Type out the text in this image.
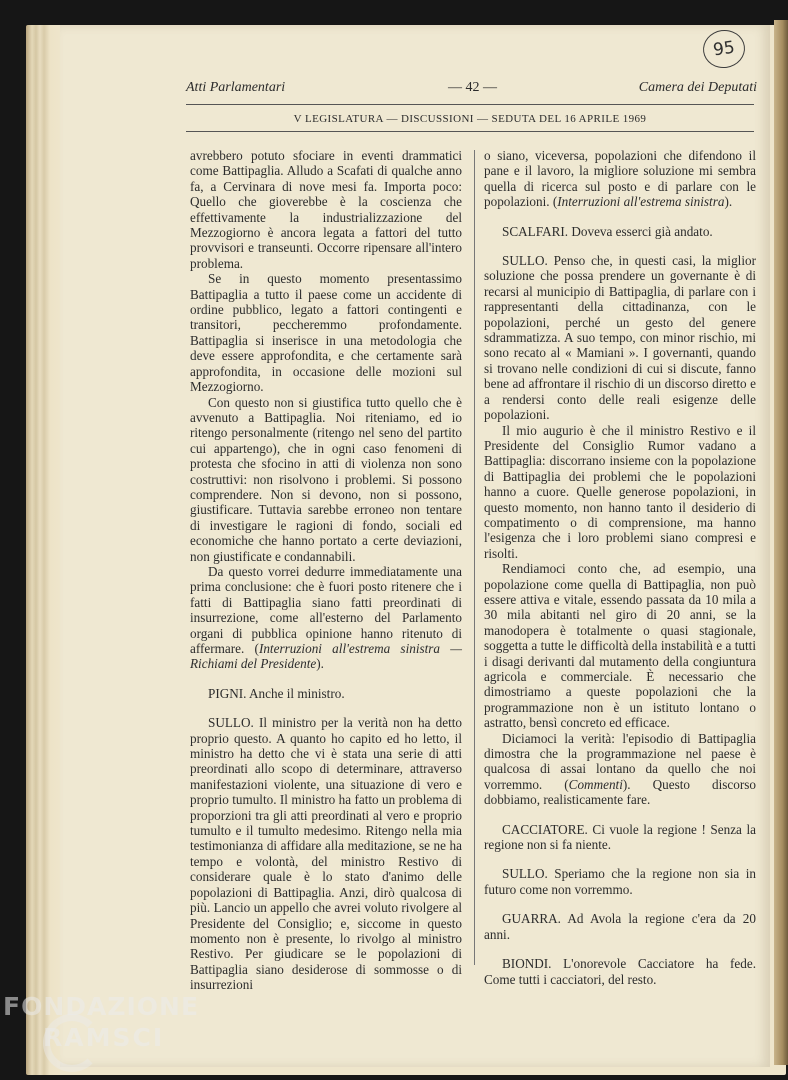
95
Atti Parlamentari	— 42 —	Camera dei Deputati
V LEGISLATURA — DISCUSSIONI — SEDUTA DEL 16 APRILE 1969

avrebbero potuto sfociare in eventi drammatici come Battipaglia. Alludo a Scafati di qualche anno fa, a Cervinara di nove mesi fa. Importa poco: Quello che gioverebbe è la coscienza che effettivamente la industrializzazione del Mezzogiorno è ancora legata a fattori del tutto provvisori e transeunti. Occorre ripensare all'intero problema.

Se in questo momento presentassimo Battipaglia a tutto il paese come un accidente di ordine pubblico, legato a fattori contingenti e transitori, peccheremmo profondamente. Battipaglia si inserisce in una metodologia che deve essere approfondita, e che certamente sarà approfondita, in occasione delle mozioni sul Mezzogiorno.

Con questo non si giustifica tutto quello che è avvenuto a Battipaglia. Noi riteniamo, ed io ritengo personalmente (ritengo nel seno del partito cui appartengo), che in ogni caso fenomeni di protesta che sfocino in atti di violenza non sono costruttivi: non risolvono i problemi. Si possono comprendere. Non si devono, non si possono, giustificare. Tuttavia sarebbe erroneo non tentare di investigare le ragioni di fondo, sociali ed economiche che hanno portato a certe deviazioni, non giustificate e condannabili.

Da questo vorrei dedurre immediatamente una prima conclusione: che è fuori posto ritenere che i fatti di Battipaglia siano fatti preordinati di insurrezione, come all'esterno del Parlamento organi di pubblica opinione hanno ritenuto di affermare. (Interruzioni all'estrema sinistra — Richiami del Presidente).

PIGNI. Anche il ministro.

SULLO. Il ministro per la verità non ha detto proprio questo. A quanto ho capito ed ho letto, il ministro ha detto che vi è stata una serie di atti preordinati allo scopo di determinare, attraverso manifestazioni violente, una situazione di vero e proprio tumulto. Il ministro ha fatto un problema di proporzioni tra gli atti preordinati al vero e proprio tumulto e il tumulto medesimo. Ritengo nella mia testimonianza di affidare alla meditazione, se ne ha tempo e volontà, del ministro Restivo di considerare quale è lo stato d'animo delle popolazioni di Battipaglia. Anzi, dirò qualcosa di più. Lancio un appello che avrei voluto rivolgere al Presidente del Consiglio; e, siccome in questo momento non è presente, lo rivolgo al ministro Restivo. Per giudicare se le popolazioni di Battipaglia siano desiderose di sommosse o di insurrezioni

o siano, viceversa, popolazioni che difendono il pane e il lavoro, la migliore soluzione mi sembra quella di ricerca sul posto e di parlare con le popolazioni. (Interruzioni all'estrema sinistra).

SCALFARI. Doveva esserci già andato.

SULLO. Penso che, in questi casi, la miglior soluzione che possa prendere un governante è di recarsi al municipio di Battipaglia, di parlare con i rappresentanti della cittadinanza, con le popolazioni, perché un gesto del genere sdrammatizza. A suo tempo, con minor rischio, mi sono recato al « Mamiani ». I governanti, quando si trovano nelle condizioni di cui si discute, fanno bene ad affrontare il rischio di un discorso diretto e a rendersi conto delle reali esigenze delle popolazioni.

Il mio augurio è che il ministro Restivo e il Presidente del Consiglio Rumor vadano a Battipaglia: discorrano insieme con la popolazione di Battipaglia dei problemi che le popolazioni hanno a cuore. Quelle generose popolazioni, in questo momento, non hanno tanto il desiderio di compatimento o di comprensione, ma hanno l'esigenza che i loro problemi siano compresi e risolti.

Rendiamoci conto che, ad esempio, una popolazione come quella di Battipaglia, non può essere attiva e vitale, essendo passata da 10 mila a 30 mila abitanti nel giro di 20 anni, se la manodopera è totalmente o quasi stagionale, soggetta a tutte le difficoltà della instabilità e a tutti i disagi derivanti dal mutamento della congiuntura agricola e commerciale. È necessario che dimostriamo a queste popolazioni che la programmazione non è un istituto lontano o astratto, bensì concreto ed efficace.

Diciamoci la verità: l'episodio di Battipaglia dimostra che la programmazione nel paese è qualcosa di assai lontano da quello che noi vorremmo. (Commenti). Questo discorso dobbiamo, realisticamente fare.

CACCIATORE. Ci vuole la regione ! Senza la regione non si fa niente.

SULLO. Speriamo che la regione non sia in futuro come non vorremmo.

GUARRA. Ad Avola la regione c'era da 20 anni.

BIONDI. L'onorevole Cacciatore ha fede. Come tutti i cacciatori, del resto.

FONDAZIONE
RAMSCI
